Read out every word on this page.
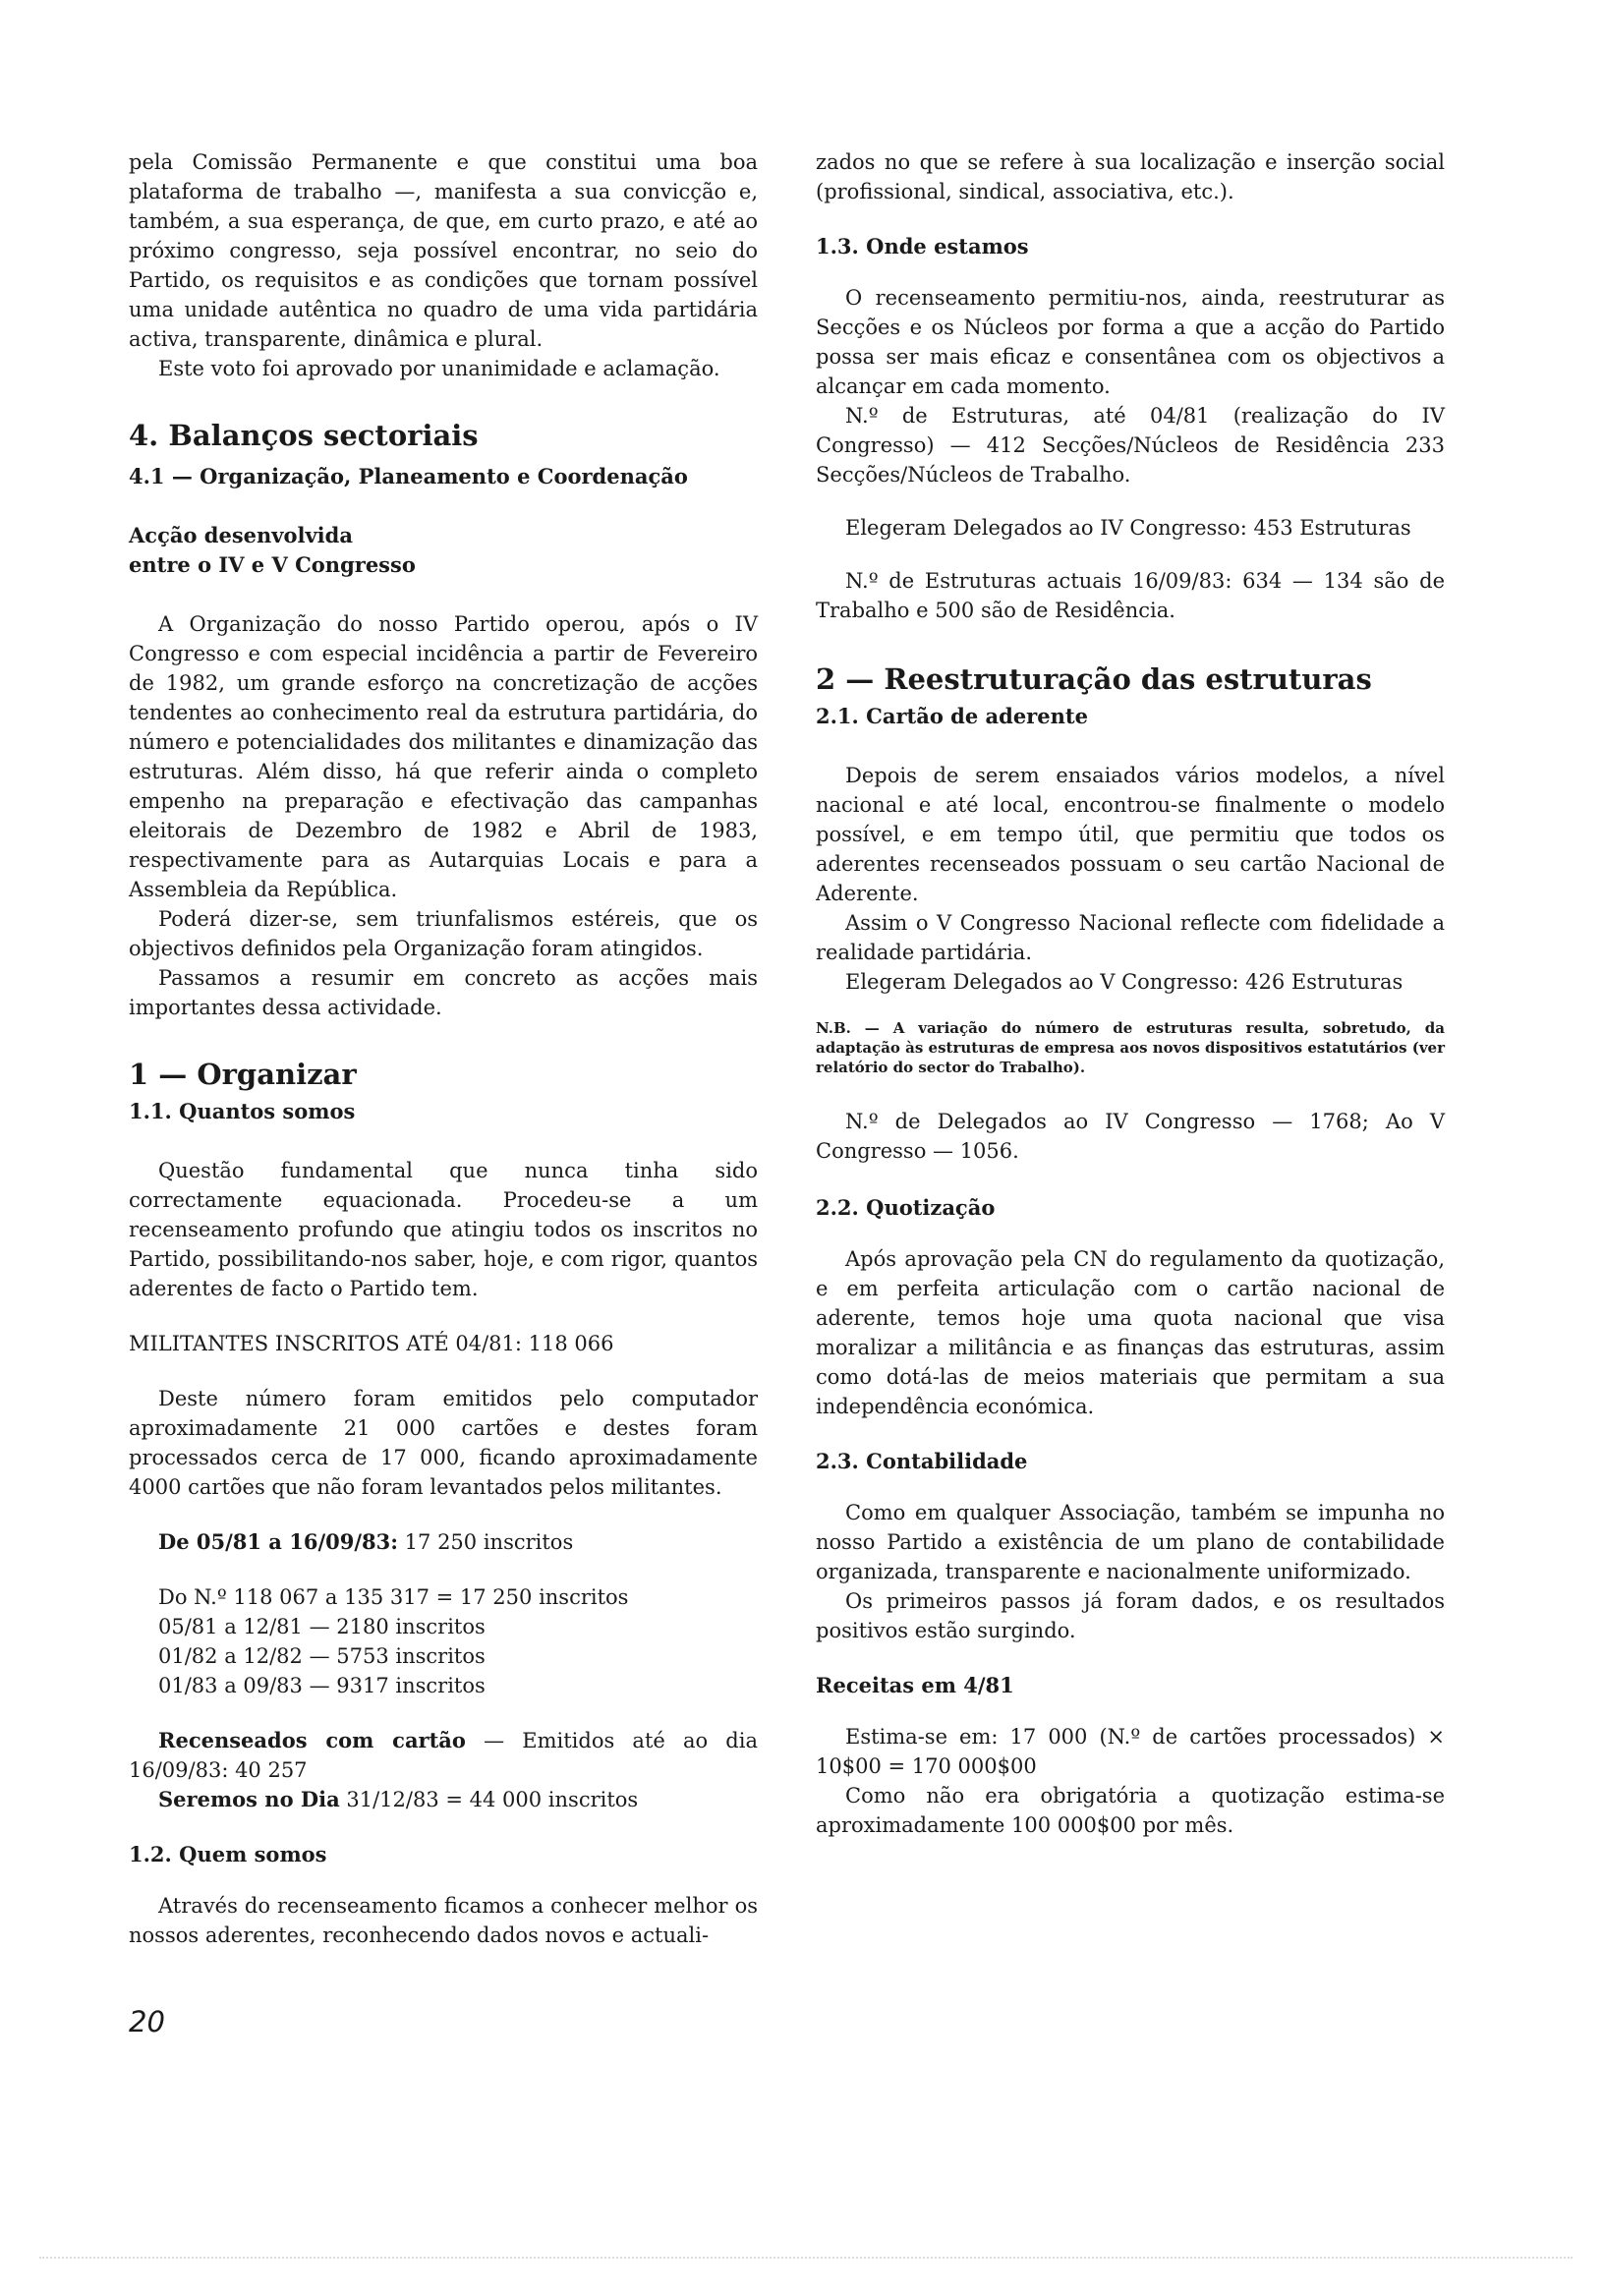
pela Comissão Permanente e que constitui uma boa plataforma de trabalho —, manifesta a sua convicção e, também, a sua esperança, de que, em curto prazo, e até ao próximo congresso, seja possível encontrar, no seio do Partido, os requisitos e as condições que tornam possível uma unidade autêntica no quadro de uma vida partidária activa, transparente, dinâmica e plural.

Este voto foi aprovado por unanimidade e aclamação.

4. Balanços sectoriais
4.1 — Organização, Planeamento e Coordenação
Acção desenvolvida
entre o IV e V Congresso

A Organização do nosso Partido operou, após o IV Congresso e com especial incidência a partir de Fevereiro de 1982, um grande esforço na concretização de acções tendentes ao conhecimento real da estrutura partidária, do número e potencialidades dos militantes e dinamização das estruturas. Além disso, há que referir ainda o completo empenho na preparação e efectivação das campanhas eleitorais de Dezembro de 1982 e Abril de 1983, respectivamente para as Autarquias Locais e para a Assembleia da República.

Poderá dizer-se, sem triunfalismos estéreis, que os objectivos definidos pela Organização foram atingidos.

Passamos a resumir em concreto as acções mais importantes dessa actividade.

1 — Organizar
1.1. Quantos somos

Questão fundamental que nunca tinha sido correctamente equacionada. Procedeu-se a um recenseamento profundo que atingiu todos os inscritos no Partido, possibilitando-nos saber, hoje, e com rigor, quantos aderentes de facto o Partido tem.

MILITANTES INSCRITOS ATÉ 04/81: 118 066

Deste número foram emitidos pelo computador aproximadamente 21 000 cartões e destes foram processados cerca de 17 000, ficando aproximadamente 4000 cartões que não foram levantados pelos militantes.

De 05/81 a 16/09/83: 17 250 inscritos

Do N.º 118 067 a 135 317 = 17 250 inscritos

05/81 a 12/81 — 2180 inscritos

01/82 a 12/82 — 5753 inscritos

01/83 a 09/83 — 9317 inscritos

Recenseados com cartão — Emitidos até ao dia 16/09/83: 40 257

Seremos no Dia 31/12/83 = 44 000 inscritos

1.2. Quem somos

Através do recenseamento ficamos a conhecer melhor os nossos aderentes, reconhecendo dados novos e actuali-

zados no que se refere à sua localização e inserção social (profissional, sindical, associativa, etc.).

1.3. Onde estamos

O recenseamento permitiu-nos, ainda, reestruturar as Secções e os Núcleos por forma a que a acção do Partido possa ser mais eficaz e consentânea com os objectivos a alcançar em cada momento.

N.º de Estruturas, até 04/81 (realização do IV Congresso) — 412 Secções/Núcleos de Residência 233 Secções/Núcleos de Trabalho.

Elegeram Delegados ao IV Congresso: 453 Estruturas

N.º de Estruturas actuais 16/09/83: 634 — 134 são de Trabalho e 500 são de Residência.

2 — Reestruturação das estruturas
2.1. Cartão de aderente

Depois de serem ensaiados vários modelos, a nível nacional e até local, encontrou-se finalmente o modelo possível, e em tempo útil, que permitiu que todos os aderentes recenseados possuam o seu cartão Nacional de Aderente.

Assim o V Congresso Nacional reflecte com fidelidade a realidade partidária.

Elegeram Delegados ao V Congresso: 426 Estruturas

N.B. — A variação do número de estruturas resulta, sobretudo, da adaptação às estruturas de empresa aos novos dispositivos estatutários (ver relatório do sector do Trabalho).

N.º de Delegados ao IV Congresso — 1768; Ao V Congresso — 1056.

2.2. Quotização

Após aprovação pela CN do regulamento da quotização, e em perfeita articulação com o cartão nacional de aderente, temos hoje uma quota nacional que visa moralizar a militância e as finanças das estruturas, assim como dotá-las de meios materiais que permitam a sua independência económica.

2.3. Contabilidade

Como em qualquer Associação, também se impunha no nosso Partido a existência de um plano de contabilidade organizada, transparente e nacionalmente uniformizado.

Os primeiros passos já foram dados, e os resultados positivos estão surgindo.

Receitas em 4/81

Estima-se em: 17 000 (N.º de cartões processados) × 10$00 = 170 000$00

Como não era obrigatória a quotização estima-se aproximadamente 100 000$00 por mês.

20
